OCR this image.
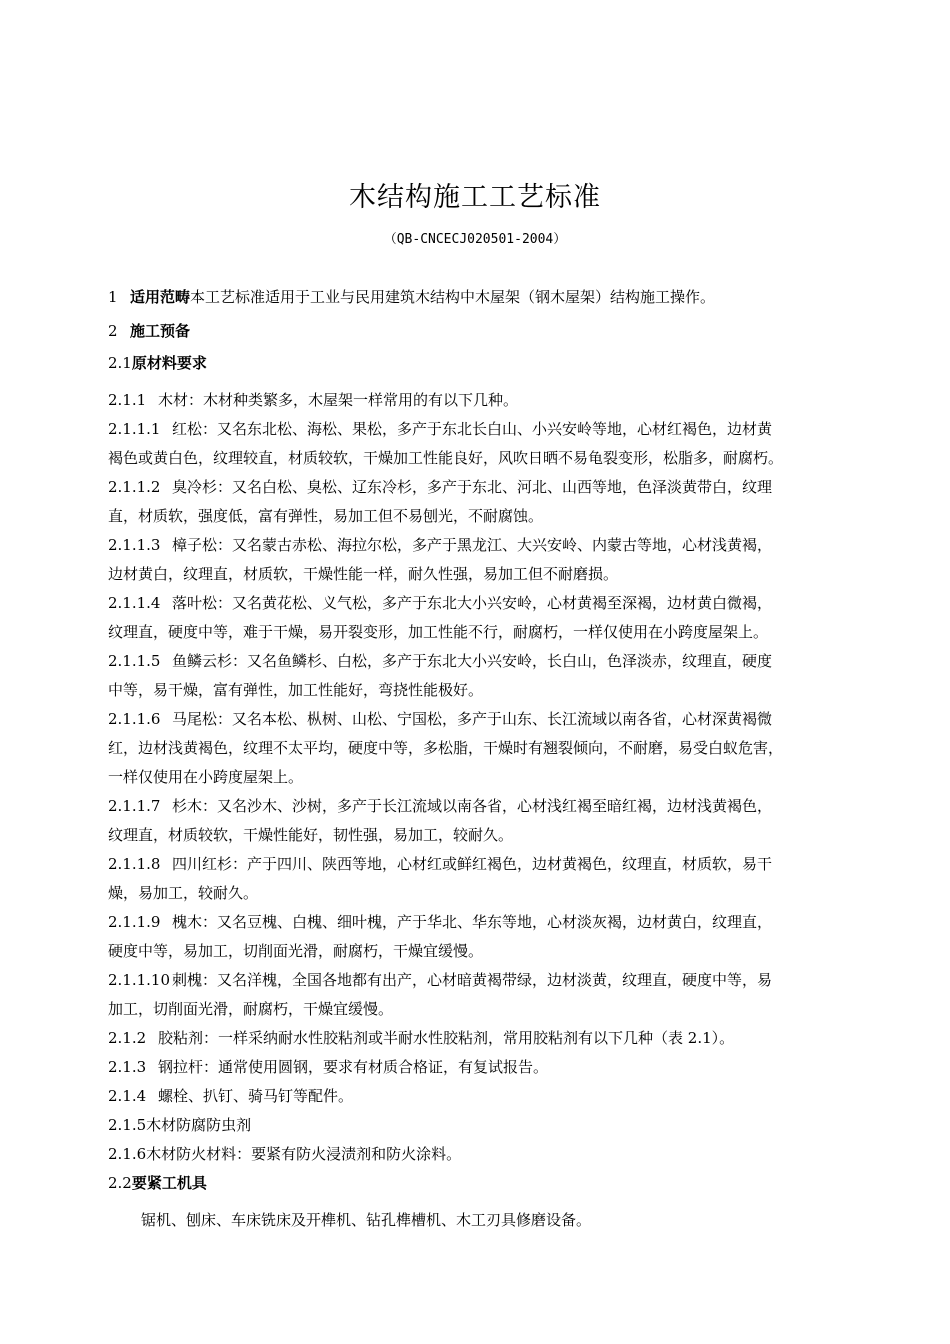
木结构施工工艺标准
（QB-CNCECJ020501-2004）
1 适用范畴本工艺标准适用于工业与民用建筑木结构中木屋架（钢木屋架）结构施工操作。
2 施工预备
2.1原材料要求
2.1.1 木材：木材种类繁多，木屋架一样常用的有以下几种。
2.1.1.1 红松：又名东北松、海松、果松，多产于东北长白山、小兴安岭等地，心材红褐色，边材黄
褐色或黄白色，纹理较直，材质较软，干燥加工性能良好，风吹日晒不易龟裂变形，松脂多，耐腐朽。
2.1.1.2 臭冷杉：又名白松、臭松、辽东冷杉，多产于东北、河北、山西等地，色泽淡黄带白，纹理
直，材质软，强度低，富有弹性，易加工但不易刨光，不耐腐蚀。
2.1.1.3 樟子松：又名蒙古赤松、海拉尔松，多产于黑龙江、大兴安岭、内蒙古等地，心材浅黄褐，
边材黄白，纹理直，材质软，干燥性能一样，耐久性强，易加工但不耐磨损。
2.1.1.4 落叶松：又名黄花松、义气松，多产于东北大小兴安岭，心材黄褐至深褐，边材黄白微褐，
纹理直，硬度中等，难于干燥，易开裂变形，加工性能不行，耐腐朽，一样仅使用在小跨度屋架上。
2.1.1.5 鱼鳞云杉：又名鱼鳞杉、白松，多产于东北大小兴安岭，长白山，色泽淡赤，纹理直，硬度
中等，易干燥，富有弹性，加工性能好，弯挠性能极好。
2.1.1.6 马尾松：又名本松、枞树、山松、宁国松，多产于山东、长江流域以南各省，心材深黄褐微
红，边材浅黄褐色，纹理不太平均，硬度中等，多松脂，干燥时有翘裂倾向，不耐磨，易受白蚁危害，
一样仅使用在小跨度屋架上。
2.1.1.7 杉木：又名沙木、沙树，多产于长江流域以南各省，心材浅红褐至暗红褐，边材浅黄褐色，
纹理直，材质较软，干燥性能好，韧性强，易加工，较耐久。
2.1.1.8 四川红杉：产于四川、陕西等地，心材红或鲜红褐色，边材黄褐色，纹理直，材质软，易干
燥，易加工，较耐久。
2.1.1.9 槐木：又名豆槐、白槐、细叶槐，产于华北、华东等地，心材淡灰褐，边材黄白，纹理直，
硬度中等，易加工，切削面光滑，耐腐朽，干燥宜缓慢。
2.1.1.10 刺槐：又名洋槐，全国各地都有出产，心材暗黄褐带绿，边材淡黄，纹理直，硬度中等，易
加工，切削面光滑，耐腐朽，干燥宜缓慢。
2.1.2 胶粘剂：一样采纳耐水性胶粘剂或半耐水性胶粘剂，常用胶粘剂有以下几种（表 2.1）。
2.1.3 钢拉杆：通常使用圆钢，要求有材质合格证，有复试报告。
2.1.4 螺栓、扒钉、骑马钉等配件。
2.1.5木材防腐防虫剂
2.1.6木材防火材料：要紧有防火浸渍剂和防火涂料。
2.2要紧工机具
锯机、刨床、车床铣床及开榫机、钻孔榫槽机、木工刃具修磨设备。
